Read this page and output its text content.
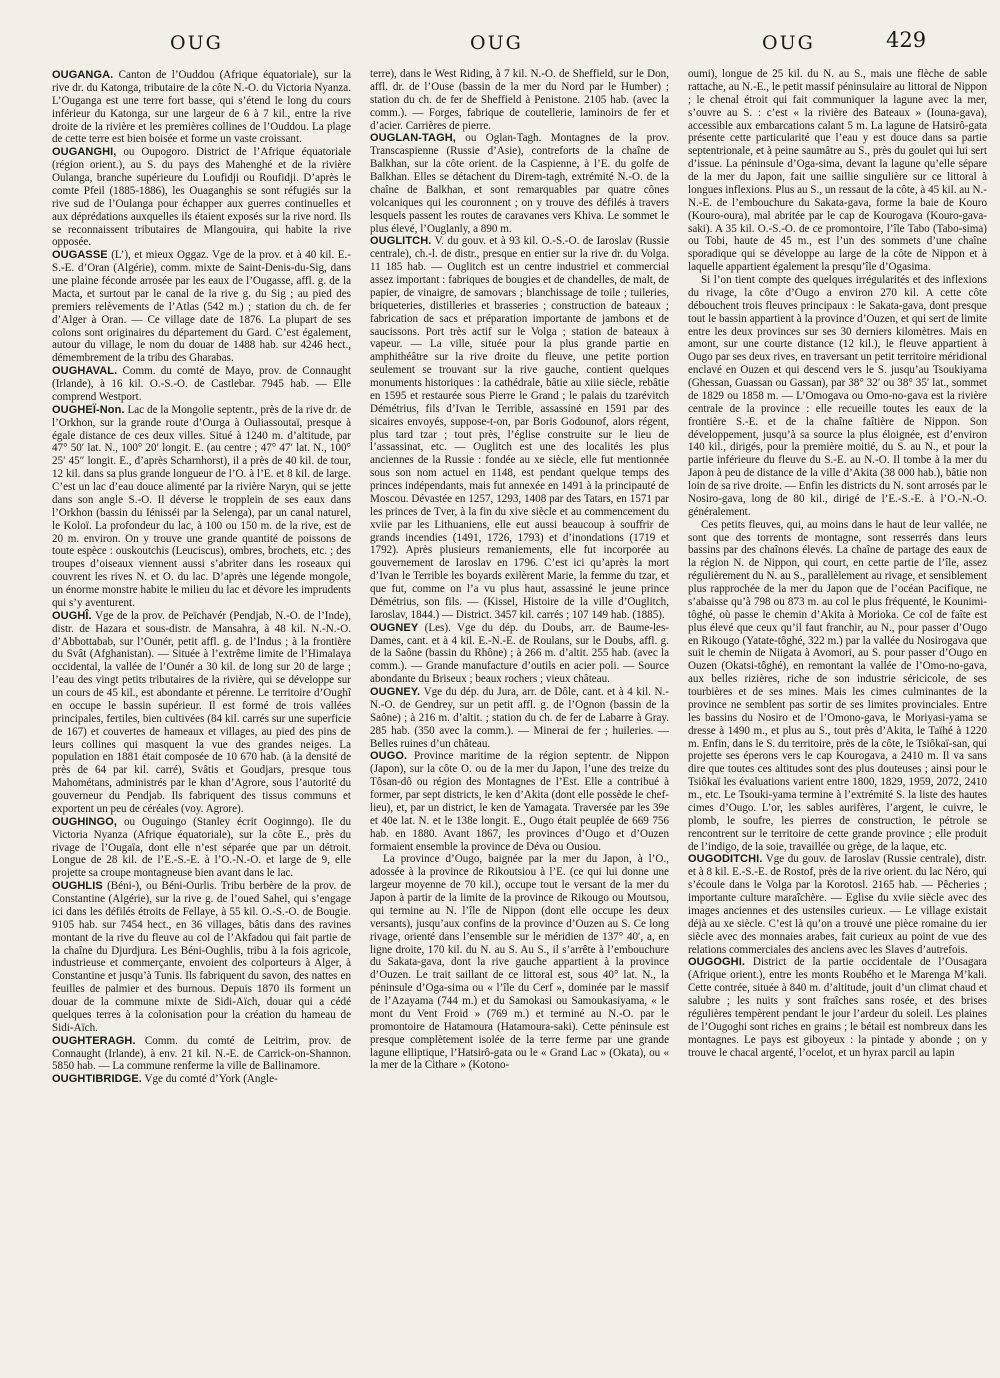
OUG	OUG	OUG	429

OUGANGA. Canton de l’Ouddou (Afrique équatoriale), sur la rive dr. du Katonga, tributaire de la côte N.-O. du Victoria Nyanza. L’Ouganga est une terre fort basse, qui s’étend le long du cours inférieur du Katonga, sur une largeur de 6 à 7 kil., entre la rive droite de la rivière et les premières collines de l’Ouddou. La plage de cette terre est bien boisée et forme un vaste croissant.

OUGANGHI, ou Oupogoro. District de l’Afrique équatoriale (région orient.), au S. du pays des Mahenghé et de la rivière Oulanga, branche supérieure du Loufidji ou Roufidji. D’après le comte Pfeil (1885-1886), les Ouaganghis se sont réfugiés sur la rive sud de l’Oulanga pour échapper aux guerres continuelles et aux déprédations auxquelles ils étaient exposés sur la rive nord. Ils se reconnaissent tributaires de Mlangouira, qui habite la rive opposée.

OUGASSE (L’), et mieux Oggaz. Vge de la prov. et à 40 kil. E.-S.-E. d’Oran (Algérie), comm. mixte de Saint-Denis-du-Sig, dans une plaine féconde arrosée par les eaux de l’Ougasse, affl. g. de la Macta, et surtout par le canal de la rive g. du Sig ; au pied des premiers relèvements de l’Atlas (542 m.) ; station du ch. de fer d’Alger à Oran. — Ce village date de 1876. La plupart de ses colons sont originaires du département du Gard. C’est également, autour du village, le nom du douar de 1488 hab. sur 4246 hect., démembrement de la tribu des Gharabas.

OUGHAVAL. Comm. du comté de Mayo, prov. de Connaught (Irlande), à 16 kil. O.-S.-O. de Castlebar. 7945 hab. — Elle comprend Westport.

OUGHEÏ-Non. Lac de la Mongolie septentr., près de la rive dr. de l’Orkhon, sur la grande route d’Ourga à Ouliassoutaï, presque à égale distance de ces deux villes. Situé à 1240 m. d’altitude, par 47° 50′ lat. N., 100° 20′ longit. E. (au centre ; 47° 47′ lat. N., 100° 25′ 45″ longit. E., d’après Scharnhorst), il a près de 40 kil. de tour, 12 kil. dans sa plus grande longueur de l’O. à l’E. et 8 kil. de large. C’est un lac d’eau douce alimenté par la rivière Naryn, qui se jette dans son angle S.-O. Il déverse le tropplein de ses eaux dans l’Orkhon (bassin du Iénisséi par la Selenga), par un canal naturel, le Koloï. La profondeur du lac, à 100 ou 150 m. de la rive, est de 20 m. environ. On y trouve une grande quantité de poissons de toute espèce : ouskoutchis (Leuciscus), ombres, brochets, etc. ; des troupes d’oiseaux viennent aussi s’abriter dans les roseaux qui couvrent les rives N. et O. du lac. D’après une légende mongole, un énorme monstre habite le milieu du lac et dévore les imprudents qui s’y aventurent.

OUGHÎ. Vge de la prov. de Peïchavér (Pendjab, N.-O. de l’Inde), distr. de Hazara et sous-distr. de Mansahra, à 48 kil. N.-N.-O. d’Abbottabab, sur l’Ounér, petit affl. g. de l’Indus ; à la frontière du Svât (Afghanistan). — Située à l’extrême limite de l’Himalaya occidental, la vallée de l’Ounér a 30 kil. de long sur 20 de large ; l’eau des vingt petits tributaires de la rivière, qui se développe sur un cours de 45 kil., est abondante et pérenne. Le territoire d’Oughî en occupe le bassin supérieur. Il est formé de trois vallées principales, fertiles, bien cultivées (84 kil. carrés sur une superficie de 167) et couvertes de hameaux et villages, au pied des pins de leurs collines qui masquent la vue des grandes neiges. La population en 1881 était composée de 10 670 hab. (à la densité de près de 64 par kil. carré), Svâtis et Goudjars, presque tous Mahométans, administrés par le khan d’Agrore, sous l’autorité du gouverneur du Pendjab. Ils fabriquent des tissus communs et exportent un peu de céréales (voy. Agrore).

OUGHINGO, ou Ouguingo (Stanley écrit Ooginngo). Ile du Victoria Nyanza (Afrique équatoriale), sur la côte E., près du rivage de l’Ougaïa, dont elle n’est séparée que par un détroit. Longue de 28 kil. de l’E.-S.-E. à l’O.-N.-O. et large de 9, elle projette sa croupe montagneuse bien avant dans le lac.

OUGHLIS (Béni-), ou Béni-Ourlis. Tribu berbère de la prov. de Constantine (Algérie), sur la rive g. de l’oued Sahel, qui s’engage ici dans les défilés étroits de Fellaye, à 55 kil. O.-S.-O. de Bougie. 9105 hab. sur 7454 hect., en 36 villages, bâtis dans des ravines montant de la rive du fleuve au col de l’Akfadou qui fait partie de la chaîne du Djurdjura. Les Béni-Oughlis, tribu à la fois agricole, industrieuse et commerçante, envoient des colporteurs à Alger, à Constantine et jusqu’à Tunis. Ils fabriquent du savon, des nattes en feuilles de palmier et des burnous. Depuis 1870 ils forment un douar de la commune mixte de Sidi-Aïch, douar qui a cédé quelques terres à la colonisation pour la création du hameau de Sidi-Aïch.

OUGHTERAGH. Comm. du comté de Leitrim, prov. de Connaught (Irlande), à env. 21 kil. N.-E. de Carrick-on-Shannon. 5850 hab. — La commune renferme la ville de Ballinamore.

OUGHTIBRIDGE. Vge du comté d’York (Angle-

terre), dans le West Riding, à 7 kil. N.-O. de Sheffield, sur le Don, affl. dr. de l’Ouse (bassin de la mer du Nord par le Humber) ; station du ch. de fer de Sheffield à Penistone. 2105 hab. (avec la comm.). — Forges, fabrique de coutellerie, laminoirs de fer et d’acier. Carrières de pierre.

OUGLAN-TAGH, ou Oglan-Tagh. Montagnes de la prov. Transcaspienne (Russie d’Asie), contreforts de la chaîne de Balkhan, sur la côte orient. de la Caspienne, à l’E. du golfe de Balkhan. Elles se détachent du Direm-tagh, extrémité N.-O. de la chaîne de Balkhan, et sont remarquables par quatre cônes volcaniques qui les couronnent ; on y trouve des défilés à travers lesquels passent les routes de caravanes vers Khiva. Le sommet le plus élevé, l’Ouglanly, a 890 m.

OUGLITCH. V. du gouv. et à 93 kil. O.-S.-O. de Iaroslav (Russie centrale), ch.-l. de distr., presque en entier sur la rive dr. du Volga. 11 185 hab. — Ouglitch est un centre industriel et commercial assez important : fabriques de bougies et de chandelles, de malt, de papier, de vinaigre, de samovars ; blanchissage de toile ; tuileries, briqueteries, distilleries et brasseries ; construction de bateaux ; fabrication de sacs et préparation importante de jambons et de saucissons. Port très actif sur le Volga ; station de bateaux à vapeur. — La ville, située pour la plus grande partie en amphithéâtre sur la rive droite du fleuve, une petite portion seulement se trouvant sur la rive gauche, contient quelques monuments historiques : la cathédrale, bâtie au xiiie siècle, rebâtie en 1595 et restaurée sous Pierre le Grand ; le palais du tzarévitch Démétrius, fils d’Ivan le Terrible, assassiné en 1591 par des sicaires envoyés, suppose-t-on, par Boris Godounof, alors régent, plus tard tzar ; tout près, l’église construite sur le lieu de l’assassinat, etc. — Ouglitch est une des localités les plus anciennes de la Russie : fondée au xe siècle, elle fut mentionnée sous son nom actuel en 1148, est pendant quelque temps des princes indépendants, mais fut annexée en 1491 à la principauté de Moscou. Dévastée en 1257, 1293, 1408 par des Tatars, en 1571 par les princes de Tver, à la fin du xive siècle et au commencement du xviie par les Lithuaniens, elle eut aussi beaucoup à souffrir de grands incendies (1491, 1726, 1793) et d’inondations (1719 et 1792). Après plusieurs remaniements, elle fut incorporée au gouvernement de Iaroslav en 1796. C’est ici qu’après la mort d’Ivan le Terrible les boyards exilèrent Marie, la femme du tzar, et que fut, comme on l’a vu plus haut, assassiné le jeune prince Démétrius, son fils. — (Kissel, Histoire de la ville d’Ouglitch, Iaroslav, 1844.) — District. 3457 kil. carrés ; 107 149 hab. (1885).

OUGNEY (Les). Vge du dép. du Doubs, arr. de Baume-les-Dames, cant. et à 4 kil. E.-N.-E. de Roulans, sur le Doubs, affl. g. de la Saône (bassin du Rhône) ; à 266 m. d’altit. 255 hab. (avec la comm.). — Grande manufacture d’outils en acier poli. — Source abondante du Briseux ; beaux rochers ; vieux château.

OUGNEY. Vge du dép. du Jura, arr. de Dôle, cant. et à 4 kil. N.-N.-O. de Gendrey, sur un petit affl. g. de l’Ognon (bassin de la Saône) ; à 216 m. d’altit. ; station du ch. de fer de Labarre à Gray. 285 hab. (350 avec la comm.). — Minerai de fer ; huileries. — Belles ruines d’un château.

OUGO. Province maritime de la région septentr. de Nippon (Japon), sur la côte O. ou de la mer du Japon, l’une des treize du Tôsan-dô ou région des Montagnes de l’Est. Elle a contribué à former, par sept districts, le ken d’Akita (dont elle possède le chef-lieu), et, par un district, le ken de Yamagata. Traversée par les 39e et 40e lat. N. et le 138e longit. E., Ougo était peuplée de 669 756 hab. en 1880. Avant 1867, les provinces d’Ougo et d’Ouzen formaient ensemble la province de Déva ou Ousiou.

La province d’Ougo, baignée par la mer du Japon, à l’O., adossée à la province de Rikoutsiou à l’E. (ce qui lui donne une largeur moyenne de 70 kil.), occupe tout le versant de la mer du Japon à partir de la limite de la province de Rikougo ou Moutsou, qui termine au N. l’île de Nippon (dont elle occupe les deux versants), jusqu’aux confins de la province d’Ouzen au S. Ce long rivage, orienté dans l’ensemble sur le méridien de 137° 40′, a, en ligne droite, 170 kil. du N. au S. Au S., il s’arrête à l’embouchure du Sakata-gava, dont la rive gauche appartient à la province d’Ouzen. Le trait saillant de ce littoral est, sous 40° lat. N., la péninsule d’Oga-sima ou « l’île du Cerf », dominée par le massif de l’Azayama (744 m.) et du Samokasi ou Samoukasiyama, « le mont du Vent Froid » (769 m.) et terminé au N.-O. par le promontoire de Hatamoura (Hatamoura-saki). Cette péninsule est presque complètement isolée de la terre ferme par une grande lagune elliptique, l’Hatsirô-gata ou le « Grand Lac » (Okata), ou « la mer de la Cithare » (Kotono-

oumi), longue de 25 kil. du N. au S., mais une flèche de sable rattache, au N.-E., le petit massif péninsulaire au littoral de Nippon ; le chenal étroit qui fait communiquer la lagune avec la mer, s’ouvre au S. : c’est « la rivière des Bateaux » (Iouna-gava), accessible aux embarcations calant 5 m. La lagune de Hatsirô-gata présente cette particularité que l’eau y est douce dans sa partie septentrionale, et à peine saumâtre au S., près du goulet qui lui sert d’issue. La péninsule d’Oga-sima, devant la lagune qu’elle sépare de la mer du Japon, fait une saillie singulière sur ce littoral à longues inflexions. Plus au S., un ressaut de la côte, à 45 kil. au N.-N.-E. de l’embouchure du Sakata-gava, forme la baie de Kouro (Kouro-oura), mal abritée par le cap de Kourogava (Kouro-gava-saki). A 35 kil. O.-S.-O. de ce promontoire, l’île Tabo (Tabo-sima) ou Tobi, haute de 45 m., est l’un des sommets d’une chaîne sporadique qui se développe au large de la côte de Nippon et à laquelle appartient également la presqu’île d’Ogasima.

Si l’on tient compte des quelques irrégularités et des inflexions du rivage, la côte d’Ougo a environ 270 kil. A cette côte débouchent trois fleuves principaux : le Sakata-gava, dont presque tout le bassin appartient à la province d’Ouzen, et qui sert de limite entre les deux provinces sur ses 30 derniers kilomètres. Mais en amont, sur une courte distance (12 kil.), le fleuve appartient à Ougo par ses deux rives, en traversant un petit territoire méridional enclavé en Ouzen et qui descend vers le S. jusqu’au Tsoukiyama (Ghessan, Guassan ou Gassan), par 38° 32′ ou 38° 35′ lat., sommet de 1829 ou 1858 m. — L’Omogava ou Omo-no-gava est la rivière centrale de la province : elle recueille toutes les eaux de la frontière S.-E. et de la chaîne faîtière de Nippon. Son développement, jusqu’à sa source la plus éloignée, est d’environ 140 kil., dirigés, pour la première moitié, du S. au N., et pour la partie inférieure du fleuve du S.-E. au N.-O. Il tombe à la mer du Japon à peu de distance de la ville d’Akita (38 000 hab.), bâtie non loin de sa rive droite. — Enfin les districts du N. sont arrosés par le Nosiro-gava, long de 80 kil., dirigé de l’E.-S.-E. à l’O.-N.-O. généralement.

Ces petits fleuves, qui, au moins dans le haut de leur vallée, ne sont que des torrents de montagne, sont resserrés dans leurs bassins par des chaînons élevés. La chaîne de partage des eaux de la région N. de Nippon, qui court, en cette partie de l’île, assez régulièrement du N. au S., parallèlement au rivage, et sensiblement plus rapprochée de la mer du Japon que de l’océan Pacifique, ne s’abaisse qu’à 798 ou 873 m. au col le plus fréquenté, le Kounimi-tôghé, où passe le chemin d’Akita à Morioka. Ce col de faîte est plus élevé que ceux qu’il faut franchir, au N., pour passer d’Ougo en Rikougo (Yatate-tôghé, 322 m.) par la vallée du Nosirogava que suit le chemin de Niigata à Avomori, au S. pour passer d’Ougo en Ouzen (Okatsi-tôghé), en remontant la vallée de l’Omo-no-gava, aux belles rizières, riche de son industrie séricicole, de ses tourbières et de ses mines. Mais les cimes culminantes de la province ne semblent pas sortir de ses limites provinciales. Entre les bassins du Nosiro et de l’Omono-gava, le Moriyasi-yama se dresse à 1490 m., et plus au S., tout près d’Akita, le Taïhé à 1220 m. Enfin, dans le S. du territoire, près de la côte, le Tsiôkaï-san, qui projette ses éperons vers le cap Kourogava, a 2410 m. Il va sans dire que toutes ces altitudes sont des plus douteuses ; ainsi pour le Tsiôkaï les évaluations varient entre 1800, 1829, 1959, 2072, 2410 m., etc. Le Tsouki-yama termine à l’extrémité S. la liste des hautes cimes d’Ougo. L’or, les sables aurifères, l’argent, le cuivre, le plomb, le soufre, les pierres de construction, le pétrole se rencontrent sur le territoire de cette grande province ; elle produit de l’indigo, de la soie, travaillée ou grège, de la laque, etc.

OUGODITCHI. Vge du gouv. de Iaroslav (Russie centrale), distr. et à 8 kil. E.-S.-E. de Rostof, près de la rive orient. du lac Néro, qui s’écoule dans le Volga par la Korotosl. 2165 hab. — Pêcheries ; importante culture maraîchère. — Eglise du xviie siècle avec des images anciennes et des ustensiles curieux. — Le village existait déjà au xe siècle. C’est là qu’on a trouvé une pièce romaine du ier siècle avec des monnaies arabes, fait curieux au point de vue des relations commerciales des anciens avec les Slaves d’autrefois.

OUGOGHI. District de la partie occidentale de l’Ousagara (Afrique orient.), entre les monts Roubého et le Marenga M’kali. Cette contrée, située à 840 m. d’altitude, jouit d’un climat chaud et salubre ; les nuits y sont fraîches sans rosée, et des brises régulières tempèrent pendant le jour l’ardeur du soleil. Les plaines de l’Ougoghi sont riches en grains ; le bétail est nombreux dans les montagnes. Le pays est giboyeux : la pintade y abonde ; on y trouve le chacal argenté, l’ocelot, et un hyrax parcil au lapin
